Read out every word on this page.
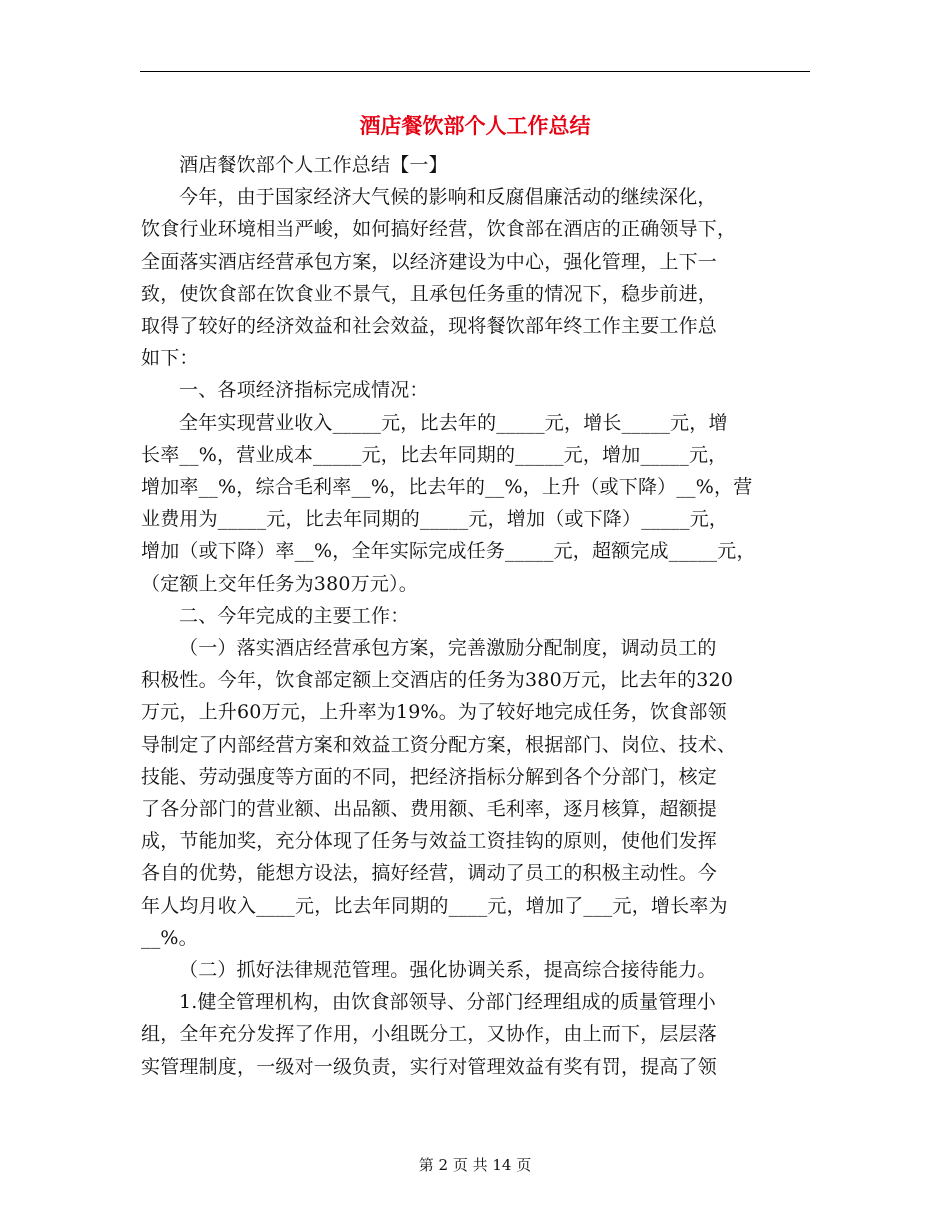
酒店餐饮部个人工作总结
酒店餐饮部个人工作总结【一】
今年，由于国家经济大气候的影响和反腐倡廉活动的继续深化，
饮食行业环境相当严峻，如何搞好经营，饮食部在酒店的正确领导下，
全面落实酒店经营承包方案，以经济建设为中心，强化管理，上下一
致，使饮食部在饮食业不景气，且承包任务重的情况下，稳步前进，
取得了较好的经济效益和社会效益，现将餐饮部年终工作主要工作总
如下：
一、各项经济指标完成情况：
全年实现营业收入_____元，比去年的_____元，增长_____元，增
长率__%，营业成本_____元，比去年同期的_____元，增加_____元，
增加率__%，综合毛利率__%，比去年的__%，上升（或下降）__%，营
业费用为_____元，比去年同期的_____元，增加（或下降）_____元，
增加（或下降）率__%，全年实际完成任务_____元，超额完成_____元，
（定额上交年任务为380万元）。
二、今年完成的主要工作：
（一）落实酒店经营承包方案，完善激励分配制度，调动员工的
积极性。今年，饮食部定额上交酒店的任务为380万元，比去年的320
万元，上升60万元，上升率为19%。为了较好地完成任务，饮食部领
导制定了内部经营方案和效益工资分配方案，根据部门、岗位、技术、
技能、劳动强度等方面的不同，把经济指标分解到各个分部门，核定
了各分部门的营业额、出品额、费用额、毛利率，逐月核算，超额提
成，节能加奖，充分体现了任务与效益工资挂钩的原则，使他们发挥
各自的优势，能想方设法，搞好经营，调动了员工的积极主动性。今
年人均月收入____元，比去年同期的____元，增加了___元，增长率为
__%。
（二）抓好法律规范管理。强化协调关系，提高综合接待能力。
1.健全管理机构，由饮食部领导、分部门经理组成的质量管理小
组，全年充分发挥了作用，小组既分工，又协作，由上而下，层层落
实管理制度，一级对一级负责，实行对管理效益有奖有罚，提高了领
第 2 页 共 14 页
